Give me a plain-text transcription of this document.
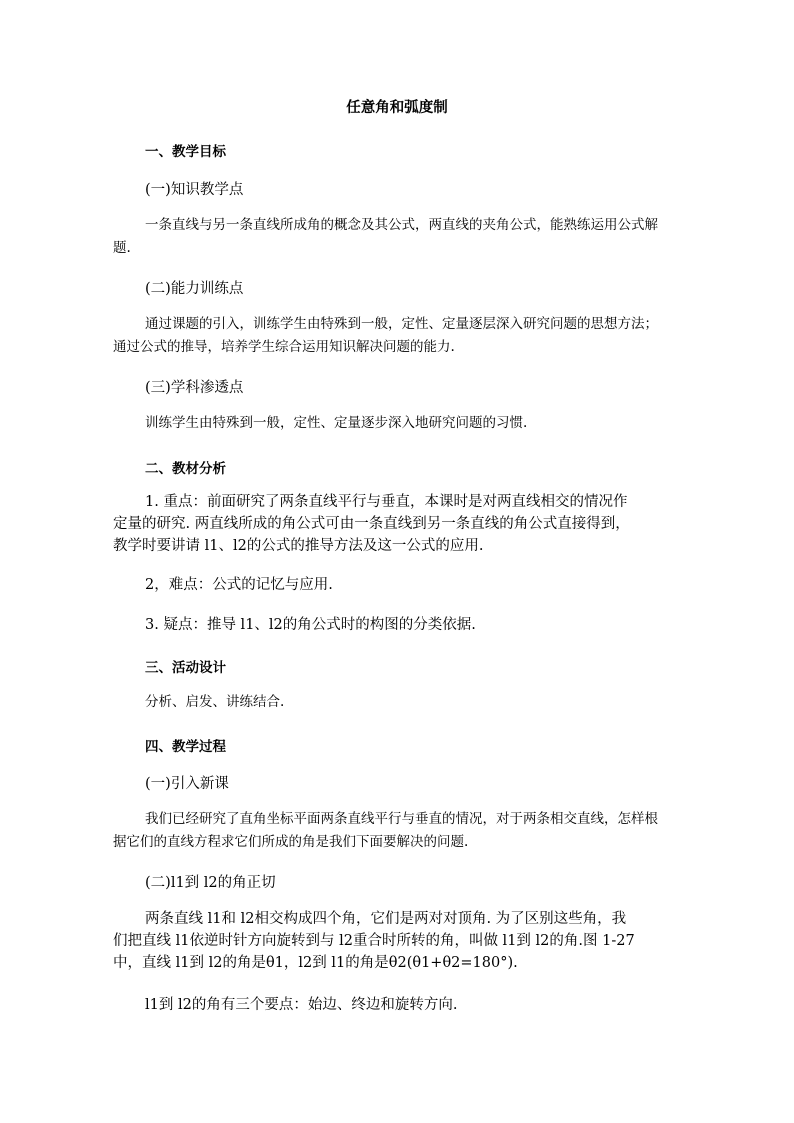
任意角和弧度制
一、教学目标
(一)知识教学点
一条直线与另一条直线所成角的概念及其公式，两直线的夹角公式，能熟练运用公式解
题.
(二)能力训练点
通过课题的引入，训练学生由特殊到一般，定性、定量逐层深入研究问题的思想方法；
通过公式的推导，培养学生综合运用知识解决问题的能力.
(三)学科渗透点
训练学生由特殊到一般，定性、定量逐步深入地研究问题的习惯.
二、教材分析
1. 重点：前面研究了两条直线平行与垂直，本课时是对两直线相交的情况作
定量的研究. 两直线所成的角公式可由一条直线到另一条直线的角公式直接得到，
教学时要讲请 l1、l2的公式的推导方法及这一公式的应用.
2，难点：公式的记忆与应用.
3. 疑点：推导 l1、l2的角公式时的构图的分类依据.
三、活动设计
分析、启发、讲练结合.
四、教学过程
(一)引入新课
我们已经研究了直角坐标平面两条直线平行与垂直的情况，对于两条相交直线，怎样根
据它们的直线方程求它们所成的角是我们下面要解决的问题.
(二)l1到 l2的角正切
两条直线 l1和 l2相交构成四个角，它们是两对对顶角. 为了区别这些角，我
们把直线 l1依逆时针方向旋转到与 l2重合时所转的角，叫做 l1到 l2的角.图 1-27
中，直线 l1到 l2的角是θ1，l2到 l1的角是θ2(θ1+θ2=180°).
l1到 l2的角有三个要点：始边、终边和旋转方向.
